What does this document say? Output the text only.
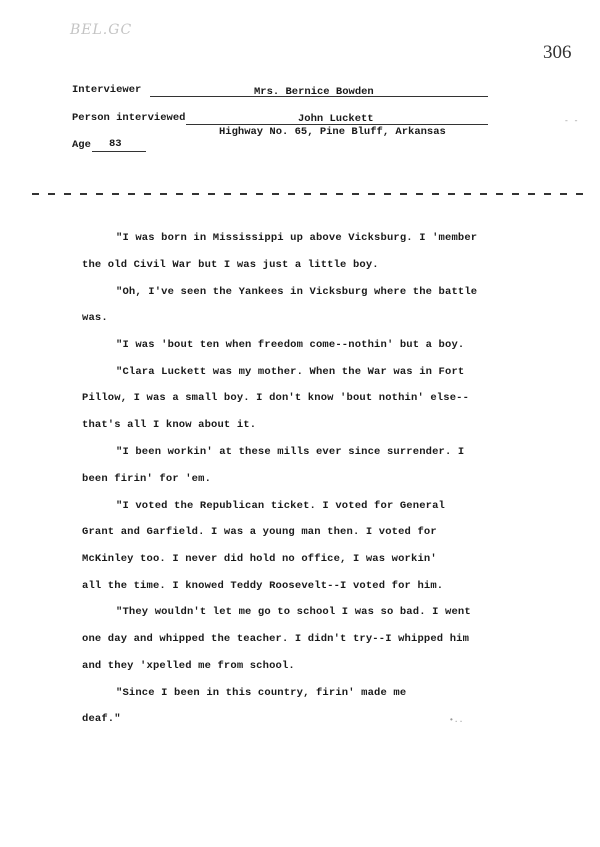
BEL.GC
306
Interviewer	Mrs. Bernice Bowden
Person interviewed	John Luckett
Highway No. 65, Pine Bluff, Arkansas
- -
Age 83
"I was born in Mississippi up above Vicksburg. I 'member
the old Civil War but I was just a little boy.
"Oh, I've seen the Yankees in Vicksburg where the battle
was.
"I was 'bout ten when freedom come--nothin' but a boy.
"Clara Luckett was my mother. When the War was in Fort
Pillow, I was a small boy. I don't know 'bout nothin' else--
that's all I know about it.
"I been workin' at these mills ever since surrender. I
been firin' for 'em.
"I voted the Republican ticket. I voted for General
Grant and Garfield. I was a young man then. I voted for
McKinley too. I never did hold no office, I was workin'
all the time. I knowed Teddy Roosevelt--I voted for him.
"They wouldn't let me go to school I was so bad. I went
one day and whipped the teacher. I didn't try--I whipped him
and they 'xpelled me from school.
"Since I been in this country, firin' made me
deaf."	•..
